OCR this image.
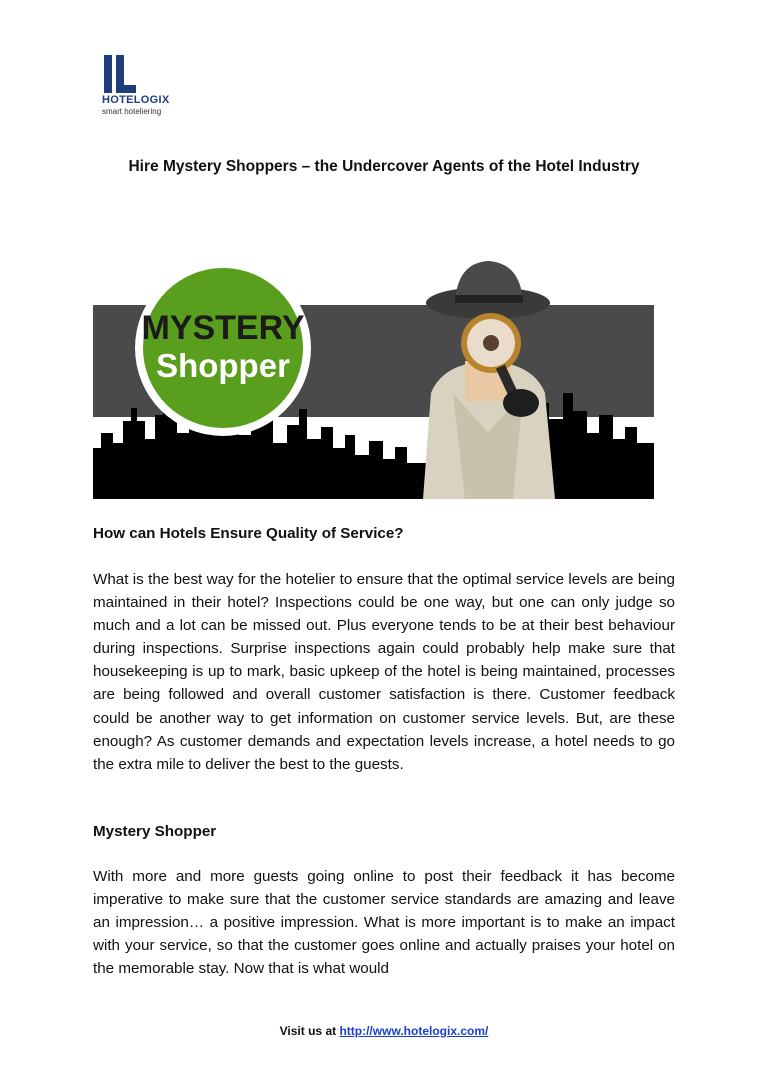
HOTELOGIX
smart hoteliering
Hire Mystery Shoppers – the Undercover Agents of the Hotel Industry
MYSTERY
Shopper
How can Hotels Ensure Quality of Service?
What is the best way for the hotelier to ensure that the optimal service levels are being maintained in their hotel? Inspections could be one way, but one can only judge so much and a lot can be missed out. Plus everyone tends to be at their best behaviour during inspections. Surprise inspections again could probably help make sure that housekeeping is up to mark, basic upkeep of the hotel is being maintained, processes are being followed and overall customer satisfaction is there. Customer feedback could be another way to get information on customer service levels. But, are these enough? As customer demands and expectation levels increase, a hotel needs to go the extra mile to deliver the best to the guests.
Mystery Shopper
With more and more guests going online to post their feedback it has become imperative to make sure that the customer service standards are amazing and leave an impression… a positive impression. What is more important is to make an impact with your service, so that the customer goes online and actually praises your hotel on the memorable stay. Now that is what would
Visit us at http://www.hotelogix.com/
